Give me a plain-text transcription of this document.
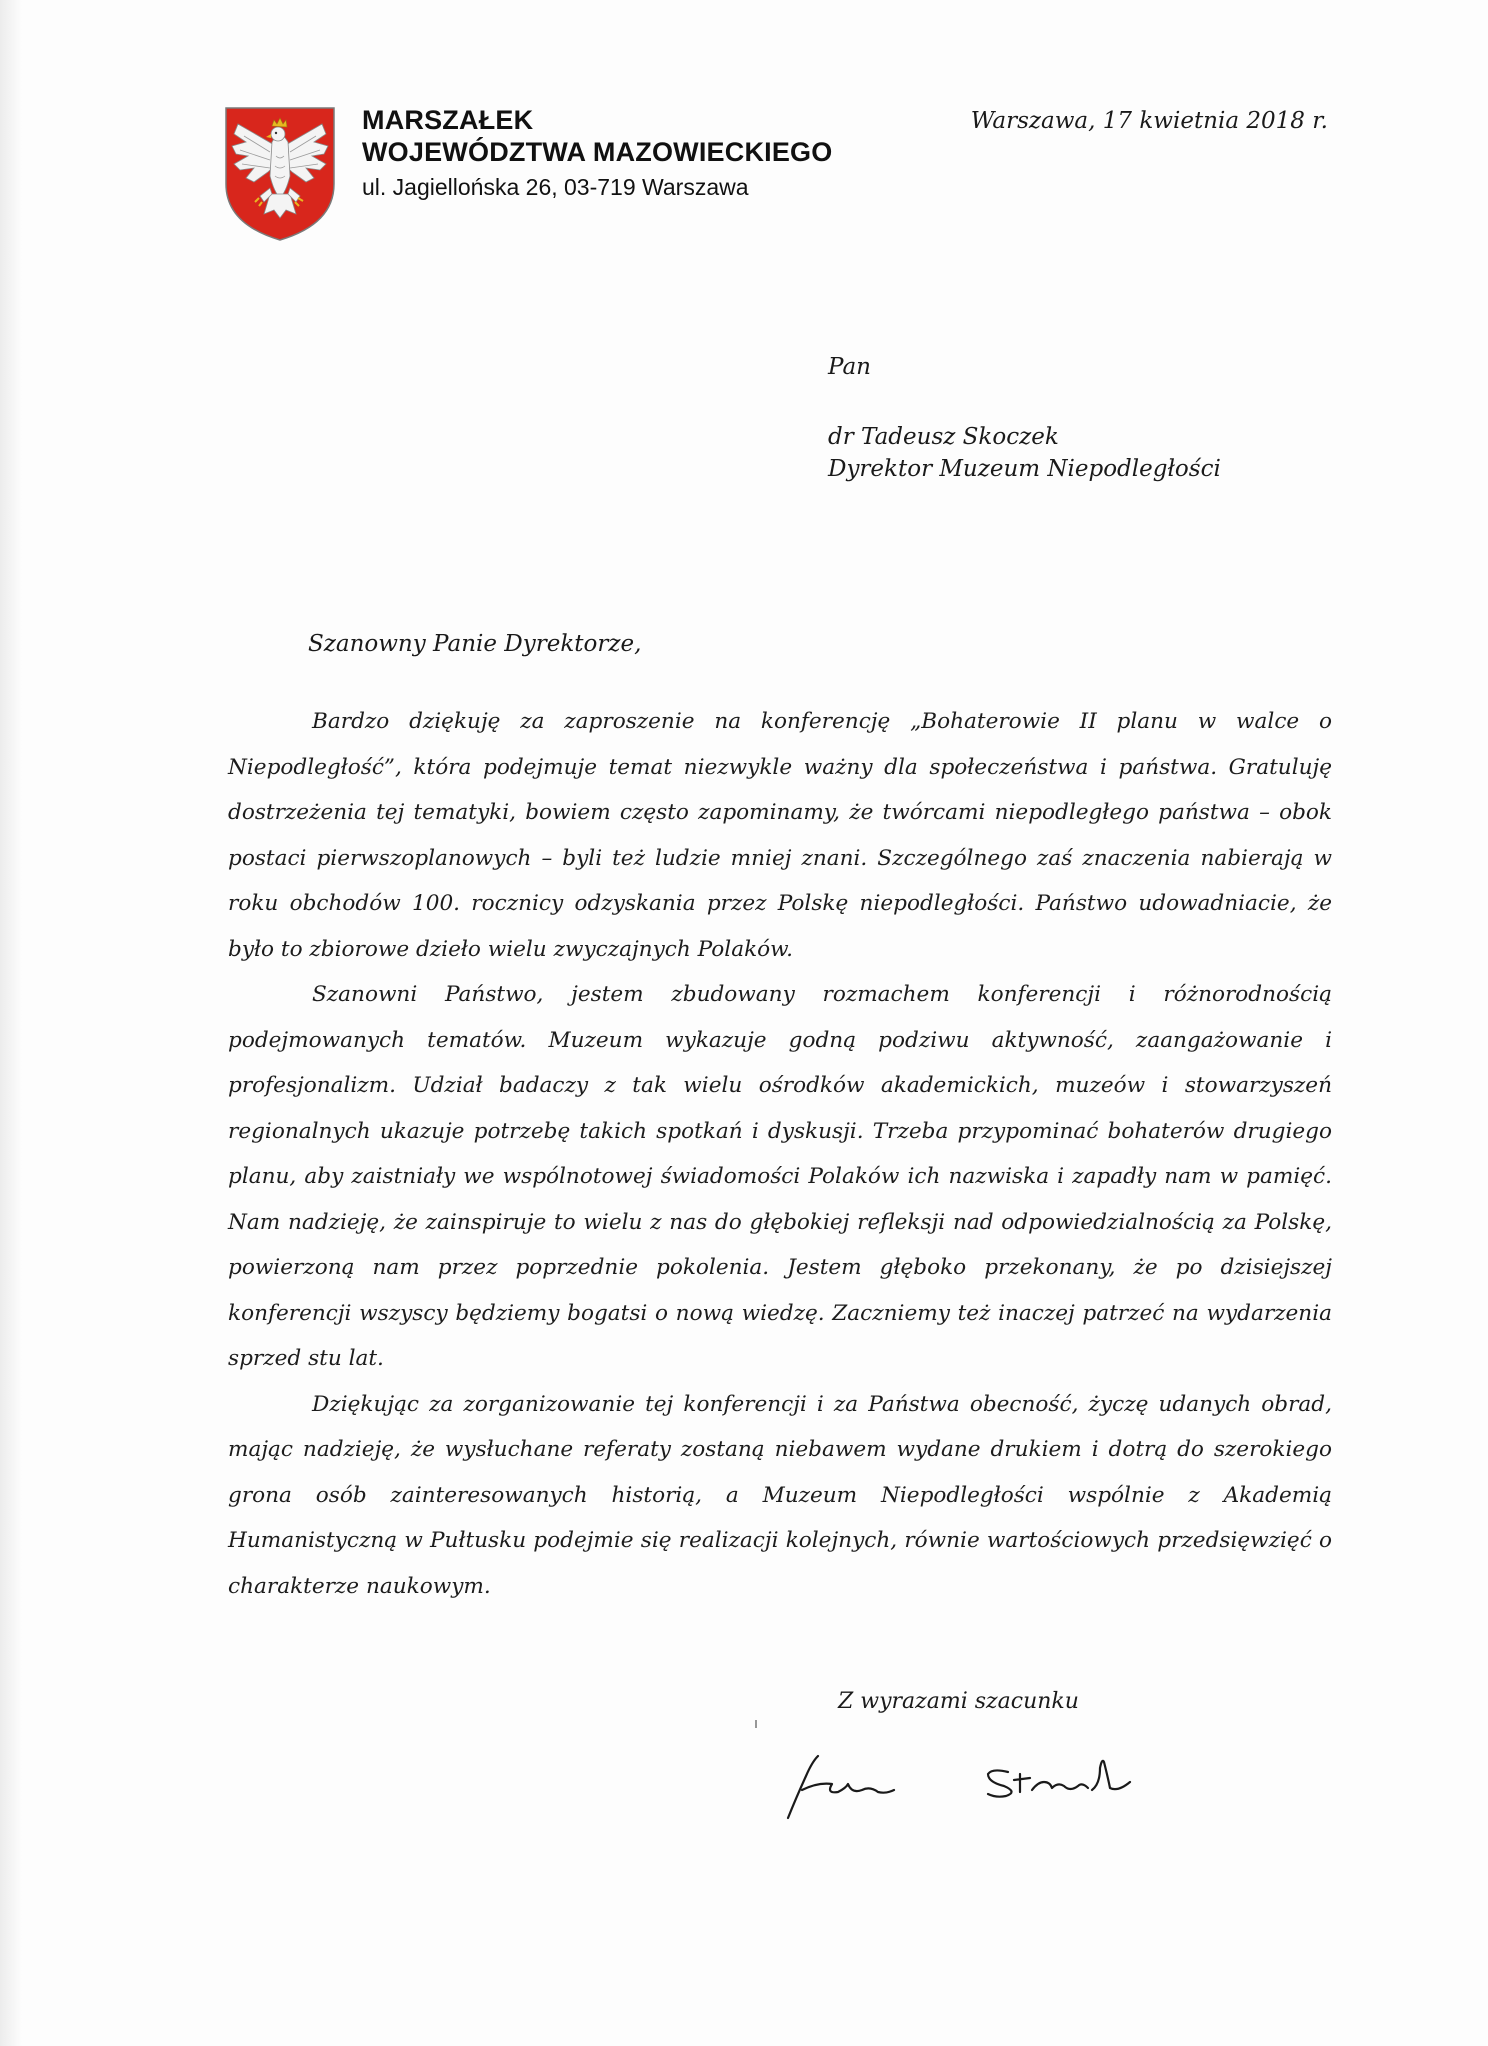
MARSZAŁEK
WOJEWÓDZTWA MAZOWIECKIEGO
ul. Jagiellońska 26, 03-719 Warszawa
Warszawa, 17 kwietnia 2018 r.
Pan
dr Tadeusz Skoczek
Dyrektor Muzeum Niepodległości
Szanowny Panie Dyrektorze,

Bardzo dziękuję za zaproszenie na konferencję „Bohaterowie II planu w walce o Niepodległość”, która podejmuje temat niezwykle ważny dla społeczeństwa i państwa. Gratuluję dostrzeżenia tej tematyki, bowiem często zapominamy, że twórcami niepodległego państwa – obok postaci pierwszoplanowych – byli też ludzie mniej znani. Szczególnego zaś znaczenia nabierają w roku obchodów 100. rocznicy odzyskania przez Polskę niepodległości. Państwo udowadniacie, że było to zbiorowe dzieło wielu zwyczajnych Polaków.

Szanowni Państwo, jestem zbudowany rozmachem konferencji i różnorodnością podejmowanych tematów. Muzeum wykazuje godną podziwu aktywność, zaangażowanie i profesjonalizm. Udział badaczy z tak wielu ośrodków akademickich, muzeów i stowarzyszeń regionalnych ukazuje potrzebę takich spotkań i dyskusji. Trzeba przypominać bohaterów drugiego planu, aby zaistniały we wspólnotowej świadomości Polaków ich nazwiska i zapadły nam w pamięć. Nam nadzieję, że zainspiruje to wielu z nas do głębokiej refleksji nad odpowiedzialnością za Polskę, powierzoną nam przez poprzednie pokolenia. Jestem głęboko przekonany, że po dzisiejszej konferencji wszyscy będziemy bogatsi o nową wiedzę. Zaczniemy też inaczej patrzeć na wydarzenia sprzed stu lat.

Dziękując za zorganizowanie tej konferencji i za Państwa obecność, życzę udanych obrad, mając nadzieję, że wysłuchane referaty zostaną niebawem wydane drukiem i dotrą do szerokiego grona osób zainteresowanych historią, a Muzeum Niepodległości wspólnie z Akademią Humanistyczną w Pułtusku podejmie się realizacji kolejnych, równie wartościowych przedsięwzięć o charakterze naukowym.

Z wyrazami szacunku
